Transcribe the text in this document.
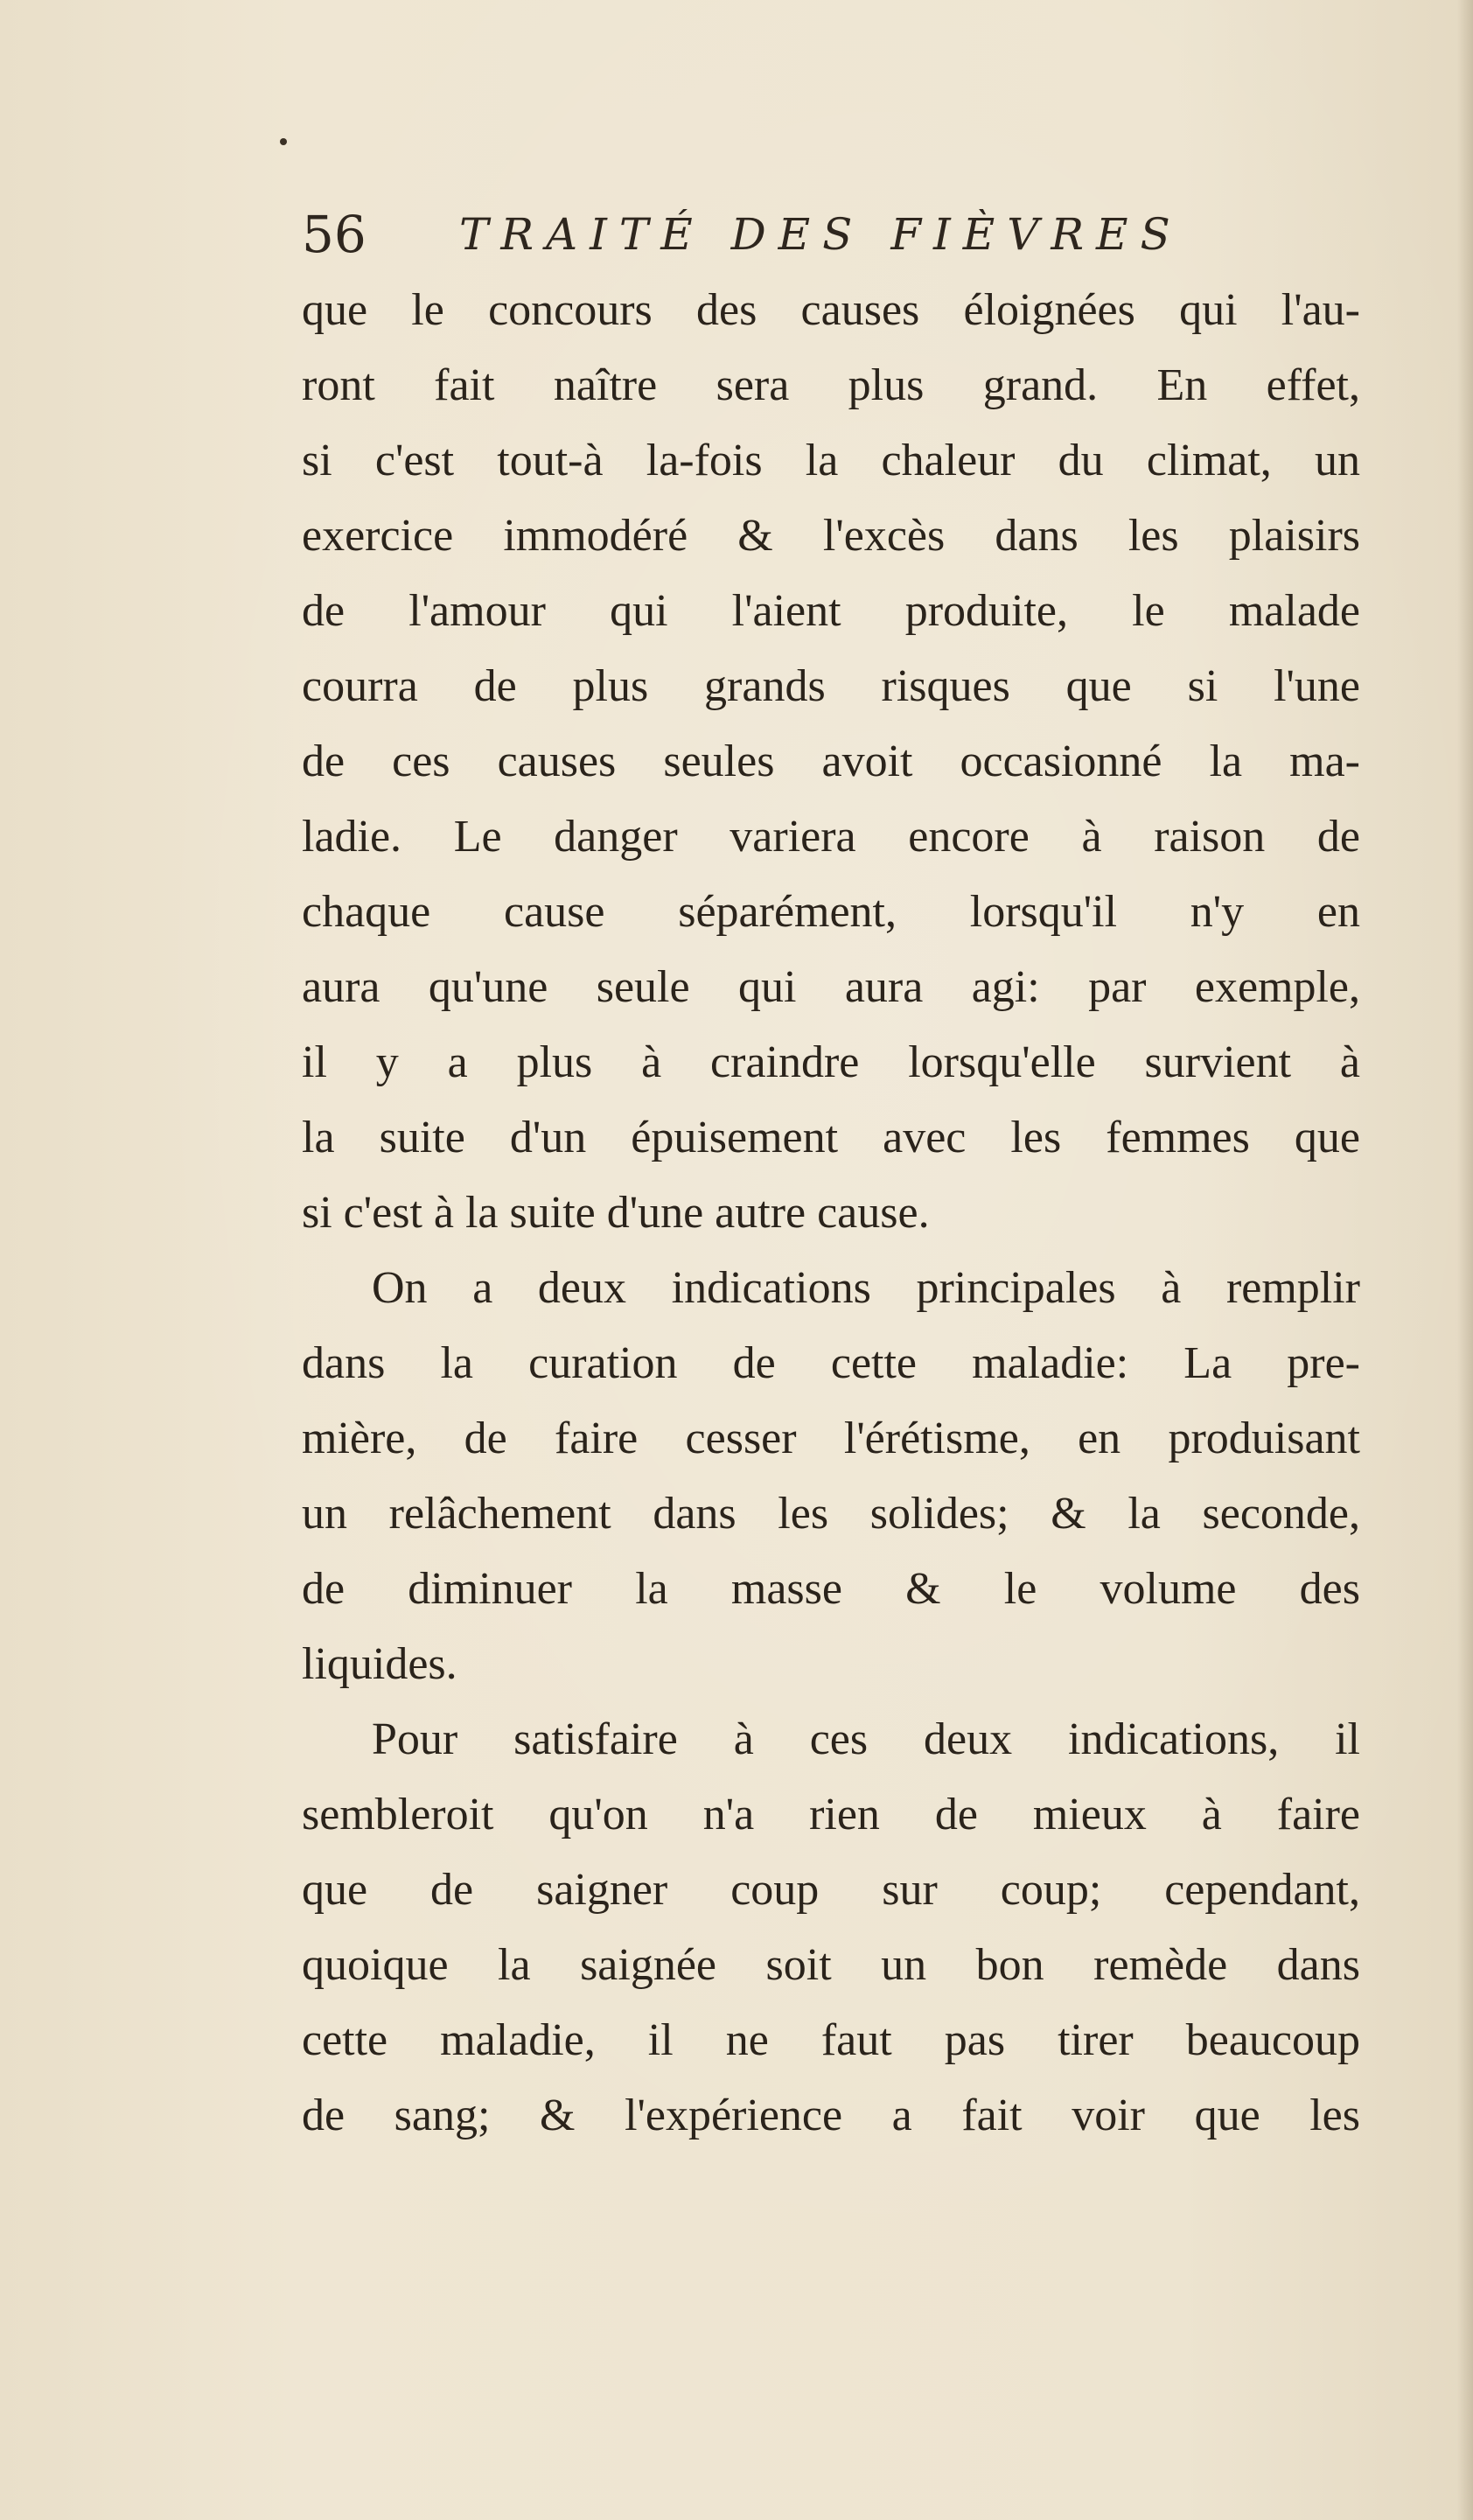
56 TRAITÉ DES FIÈVRES
que le concours des causes éloignées qui l'au-
ront fait naître sera plus grand. En effet,
si c'est tout-à la-fois la chaleur du climat, un
exercice immodéré & l'excès dans les plaisirs
de l'amour qui l'aient produite, le malade
courra de plus grands risques que si l'une
de ces causes seules avoit occasionné la ma-
ladie. Le danger variera encore à raison de
chaque cause séparément, lorsqu'il n'y en
aura qu'une seule qui aura agi: par exemple,
il y a plus à craindre lorsqu'elle survient à
la suite d'un épuisement avec les femmes que
si c'est à la suite d'une autre cause.
On a deux indications principales à remplir
dans la curation de cette maladie: La pre-
mière, de faire cesser l'érétisme, en produisant
un relâchement dans les solides; & la seconde,
de diminuer la masse & le volume des
liquides.
Pour satisfaire à ces deux indications, il
sembleroit qu'on n'a rien de mieux à faire
que de saigner coup sur coup; cependant,
quoique la saignée soit un bon remède dans
cette maladie, il ne faut pas tirer beaucoup
de sang; & l'expérience a fait voir que les
